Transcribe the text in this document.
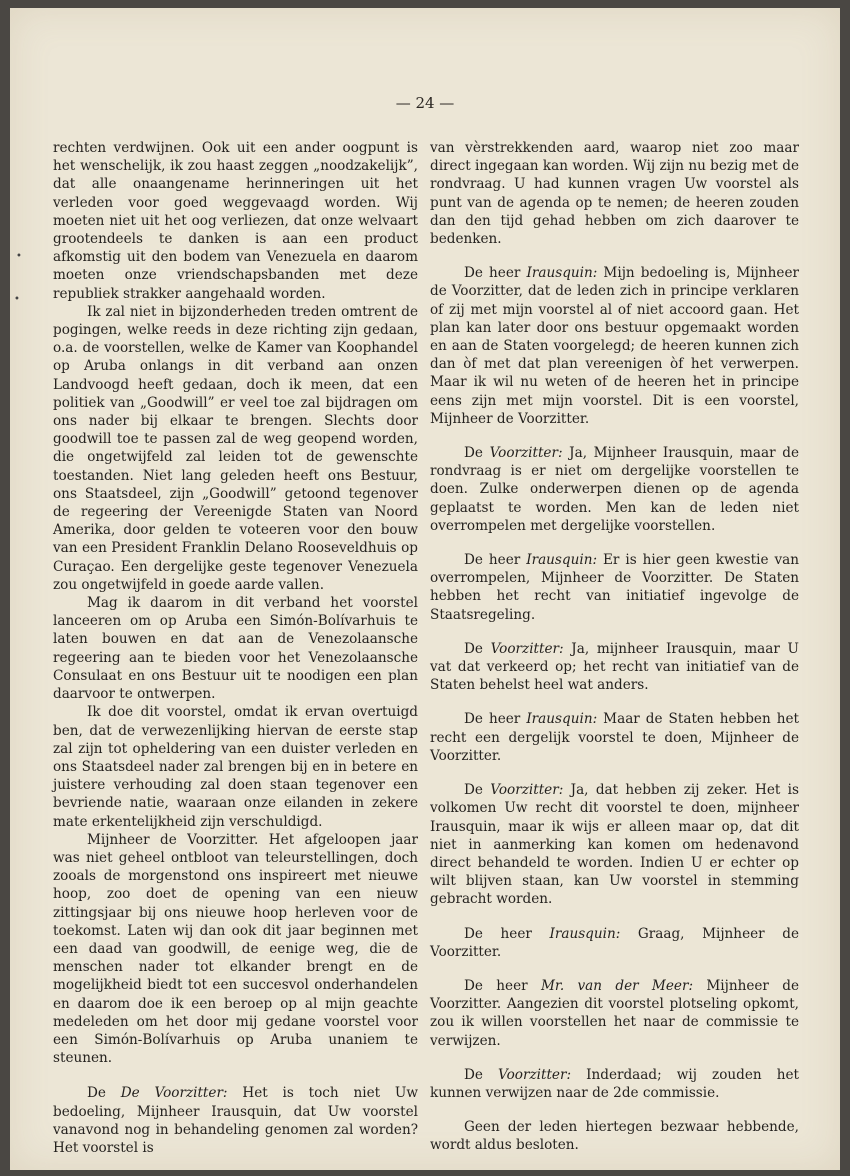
— 24 —
•
•

rechten verdwijnen. Ook uit een ander oogpunt is het wenschelijk, ik zou haast zeggen „noodzakelijk”, dat alle onaangename herinneringen uit het verleden voor goed weggevaagd worden. Wij moeten niet uit het oog verliezen, dat onze welvaart grootendeels te danken is aan een product afkomstig uit den bodem van Venezuela en daarom moeten onze vriendschapsbanden met deze republiek strakker aangehaald worden.

Ik zal niet in bijzonderheden treden omtrent de pogingen, welke reeds in deze richting zijn gedaan, o.a. de voorstellen, welke de Kamer van Koophandel op Aruba onlangs in dit verband aan onzen Landvoogd heeft gedaan, doch ik meen, dat een politiek van „Goodwill” er veel toe zal bijdragen om ons nader bij elkaar te brengen. Slechts door goodwill toe te passen zal de weg geopend worden, die ongetwijfeld zal leiden tot de gewenschte toestanden. Niet lang geleden heeft ons Bestuur, ons Staatsdeel, zijn „Goodwill” getoond tegenover de regeering der Vereenigde Staten van Noord Amerika, door gelden te voteeren voor den bouw van een President Franklin Delano Rooseveldhuis op Curaçao. Een dergelijke geste tegenover Venezuela zou ongetwijfeld in goede aarde vallen.

Mag ik daarom in dit verband het voorstel lanceeren om op Aruba een Simón-Bolívarhuis te laten bouwen en dat aan de Venezolaansche regeering aan te bieden voor het Venezolaansche Consulaat en ons Bestuur uit te noodigen een plan daarvoor te ontwerpen.

Ik doe dit voorstel, omdat ik ervan overtuigd ben, dat de verwezenlijking hiervan de eerste stap zal zijn tot opheldering van een duister verleden en ons Staatsdeel nader zal brengen bij en in betere en juistere verhouding zal doen staan tegenover een bevriende natie, waaraan onze eilanden in zekere mate erkentelijkheid zijn verschuldigd.

Mijnheer de Voorzitter. Het afgeloopen jaar was niet geheel ontbloot van teleurstellingen, doch zooals de morgenstond ons inspireert met nieuwe hoop, zoo doet de opening van een nieuw zittingsjaar bij ons nieuwe hoop herleven voor de toekomst. Laten wij dan ook dit jaar beginnen met een daad van goodwill, de eenige weg, die de menschen nader tot elkander brengt en de mogelijkheid biedt tot een succesvol onderhandelen en daarom doe ik een beroep op al mijn geachte medeleden om het door mij gedane voorstel voor een Simón-Bolívarhuis op Aruba unaniem te steunen.

De De Voorzitter: Het is toch niet Uw bedoeling, Mijnheer Irausquin, dat Uw voorstel vanavond nog in behandeling genomen zal worden? Het voorstel is

van vèrstrekkenden aard, waarop niet zoo maar direct ingegaan kan worden. Wij zijn nu bezig met de rondvraag. U had kunnen vragen Uw voorstel als punt van de agenda op te nemen; de heeren zouden dan den tijd gehad hebben om zich daarover te bedenken.

De heer Irausquin: Mijn bedoeling is, Mijnheer de Voorzitter, dat de leden zich in principe verklaren of zij met mijn voorstel al of niet accoord gaan. Het plan kan later door ons bestuur opgemaakt worden en aan de Staten voorgelegd; de heeren kunnen zich dan òf met dat plan vereenigen òf het verwerpen. Maar ik wil nu weten of de heeren het in principe eens zijn met mijn voorstel. Dit is een voorstel, Mijnheer de Voorzitter.

De Voorzitter: Ja, Mijnheer Irausquin, maar de rondvraag is er niet om dergelijke voorstellen te doen. Zulke onderwerpen dienen op de agenda geplaatst te worden. Men kan de leden niet overrompelen met dergelijke voorstellen.

De heer Irausquin: Er is hier geen kwestie van overrompelen, Mijnheer de Voorzitter. De Staten hebben het recht van initiatief ingevolge de Staatsregeling.

De Voorzitter: Ja, mijnheer Irausquin, maar U vat dat verkeerd op; het recht van initiatief van de Staten behelst heel wat anders.

De heer Irausquin: Maar de Staten hebben het recht een dergelijk voorstel te doen, Mijnheer de Voorzitter.

De Voorzitter: Ja, dat hebben zij zeker. Het is volkomen Uw recht dit voorstel te doen, mijnheer Irausquin, maar ik wijs er alleen maar op, dat dit niet in aanmerking kan komen om hedenavond direct behandeld te worden. Indien U er echter op wilt blijven staan, kan Uw voorstel in stemming gebracht worden.

De heer Irausquin: Graag, Mijnheer de Voorzitter.

De heer Mr. van der Meer: Mijnheer de Voorzitter. Aangezien dit voorstel plotseling opkomt, zou ik willen voorstellen het naar de commissie te verwijzen.

De Voorzitter: Inderdaad; wij zouden het kunnen verwijzen naar de 2de commissie.

Geen der leden hiertegen bezwaar hebbende, wordt aldus besloten.
